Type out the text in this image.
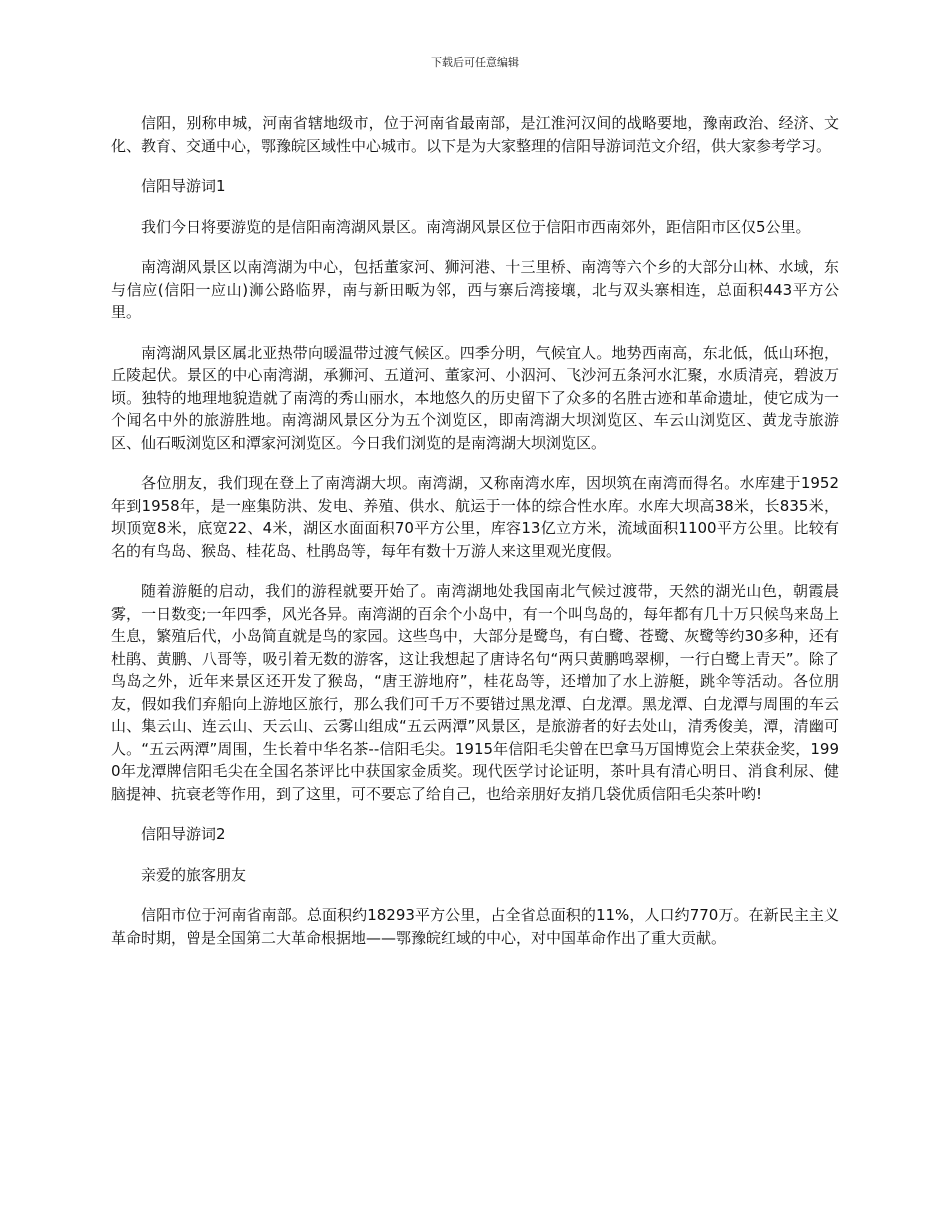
下载后可任意编辑

信阳，别称申城，河南省辖地级市，位于河南省最南部，是江淮河汉间的战略要地，豫南政治、经济、文化、教育、交通中心，鄂豫皖区域性中心城市。以下是为大家整理的信阳导游词范文介绍，供大家参考学习。

信阳导游词1

我们今日将要游览的是信阳南湾湖风景区。南湾湖风景区位于信阳市西南郊外，距信阳市区仅5公里。

南湾湖风景区以南湾湖为中心，包括董家河、狮河港、十三里桥、南湾等六个乡的大部分山林、水域，东与信应(信阳一应山)浉公路临界，南与新田畈为邻，西与寨后湾接壤，北与双头寨相连，总面积443平方公里。

南湾湖风景区属北亚热带向暖温带过渡气候区。四季分明，气候宜人。地势西南高，东北低，低山环抱，丘陵起伏。景区的中心南湾湖，承狮河、五道河、董家河、小泅河、飞沙河五条河水汇聚，水质清亮，碧波万顷。独特的地理地貌造就了南湾的秀山丽水，本地悠久的历史留下了众多的名胜古迹和革命遗址，使它成为一个闻名中外的旅游胜地。南湾湖风景区分为五个浏览区，即南湾湖大坝浏览区、车云山浏览区、黄龙寺旅游区、仙石畈浏览区和潭家河浏览区。今日我们浏览的是南湾湖大坝浏览区。

各位朋友，我们现在登上了南湾湖大坝。南湾湖，又称南湾水库，因坝筑在南湾而得名。水库建于1952年到1958年，是一座集防洪、发电、养殖、供水、航运于一体的综合性水库。水库大坝高38米，长835米，坝顶宽8米，底宽22、4米，湖区水面面积70平方公里，库容13亿立方米，流域面积1100平方公里。比较有名的有鸟岛、猴岛、桂花岛、杜鹃岛等，每年有数十万游人来这里观光度假。

随着游艇的启动，我们的游程就要开始了。南湾湖地处我国南北气候过渡带，天然的湖光山色，朝霞晨雾，一日数变;一年四季，风光各异。南湾湖的百余个小岛中，有一个叫鸟岛的，每年都有几十万只候鸟来岛上生息，繁殖后代，小岛简直就是鸟的家园。这些鸟中，大部分是鹭鸟，有白鹭、苍鹭、灰鹭等约30多种，还有杜鹃、黄鹏、八哥等，吸引着无数的游客，这让我想起了唐诗名句“两只黄鹏鸣翠柳，一行白鹭上青天”。除了鸟岛之外，近年来景区还开发了猴岛，“唐王游地府”，桂花岛等，还增加了水上游艇，跳伞等活动。各位朋友，假如我们弃船向上游地区旅行，那么我们可千万不要错过黑龙潭、白龙潭。黑龙潭、白龙潭与周围的车云山、集云山、连云山、天云山、云雾山组成“五云两潭”风景区，是旅游者的好去处山，清秀俊美，潭，清幽可人。“五云两潭”周围，生长着中华名茶--信阳毛尖。1915年信阳毛尖曾在巴拿马万国博览会上荣获金奖，1990年龙潭牌信阳毛尖在全国名茶评比中获国家金质奖。现代医学讨论证明，茶叶具有清心明日、消食利尿、健脑提神、抗衰老等作用，到了这里，可不要忘了给自己，也给亲朋好友捎几袋优质信阳毛尖茶叶哟!

信阳导游词2

亲爱的旅客朋友

信阳市位于河南省南部。总面积约18293平方公里，占全省总面积的11%，人口约770万。在新民主主义革命时期，曾是全国第二大革命根据地——鄂豫皖红域的中心，对中国革命作出了重大贡献。
